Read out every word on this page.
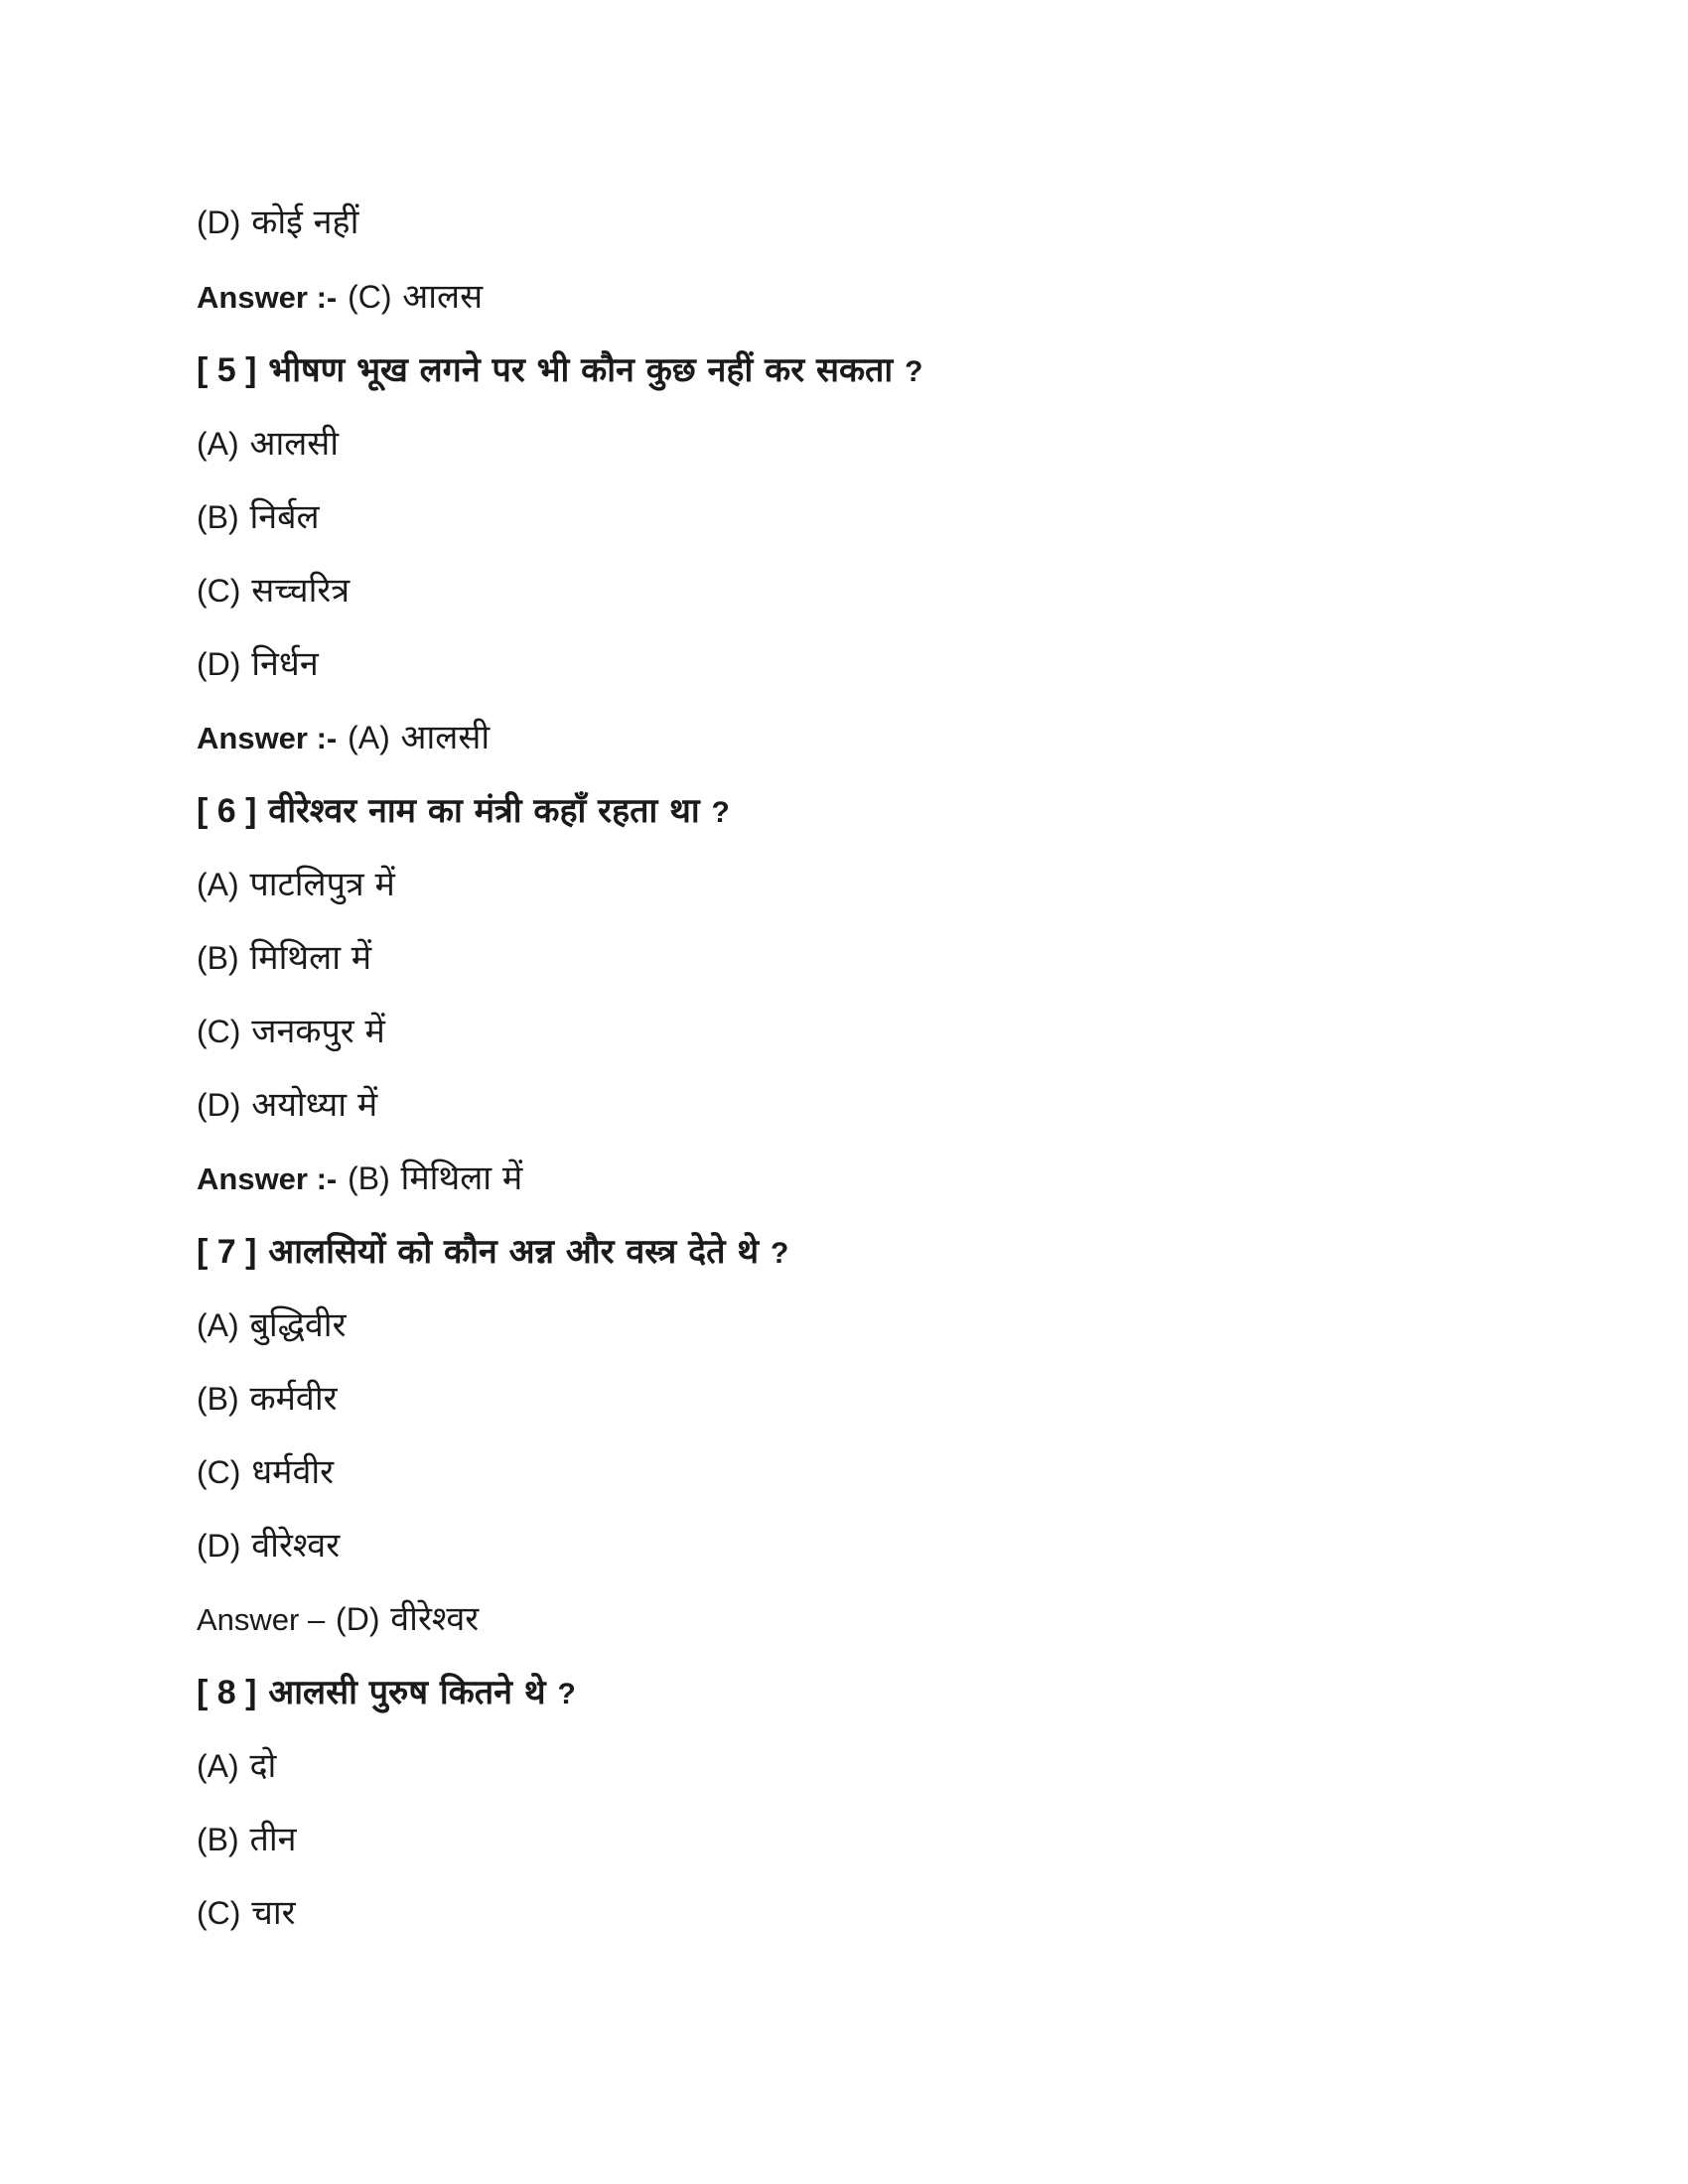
(D) कोई नहीं
Answer :- (C) आलस
[ 5 ] भीषण भूख लगने पर भी कौन कुछ नहीं कर सकता ?
(A) आलसी
(B) निर्बल
(C) सच्चरित्र
(D) निर्धन
Answer :- (A) आलसी
[ 6 ] वीरेश्वर नाम का मंत्री कहाँ रहता था ?
(A) पाटलिपुत्र में
(B) मिथिला में
(C) जनकपुर में
(D) अयोध्या में
Answer :- (B) मिथिला में
[ 7 ] आलसियों को कौन अन्न और वस्त्र देते थे ?
(A) बुद्धिवीर
(B) कर्मवीर
(C) धर्मवीर
(D) वीरेश्वर
Answer – (D) वीरेश्वर
[ 8 ] आलसी पुरुष कितने थे ?
(A) दो
(B) तीन
(C) चार
